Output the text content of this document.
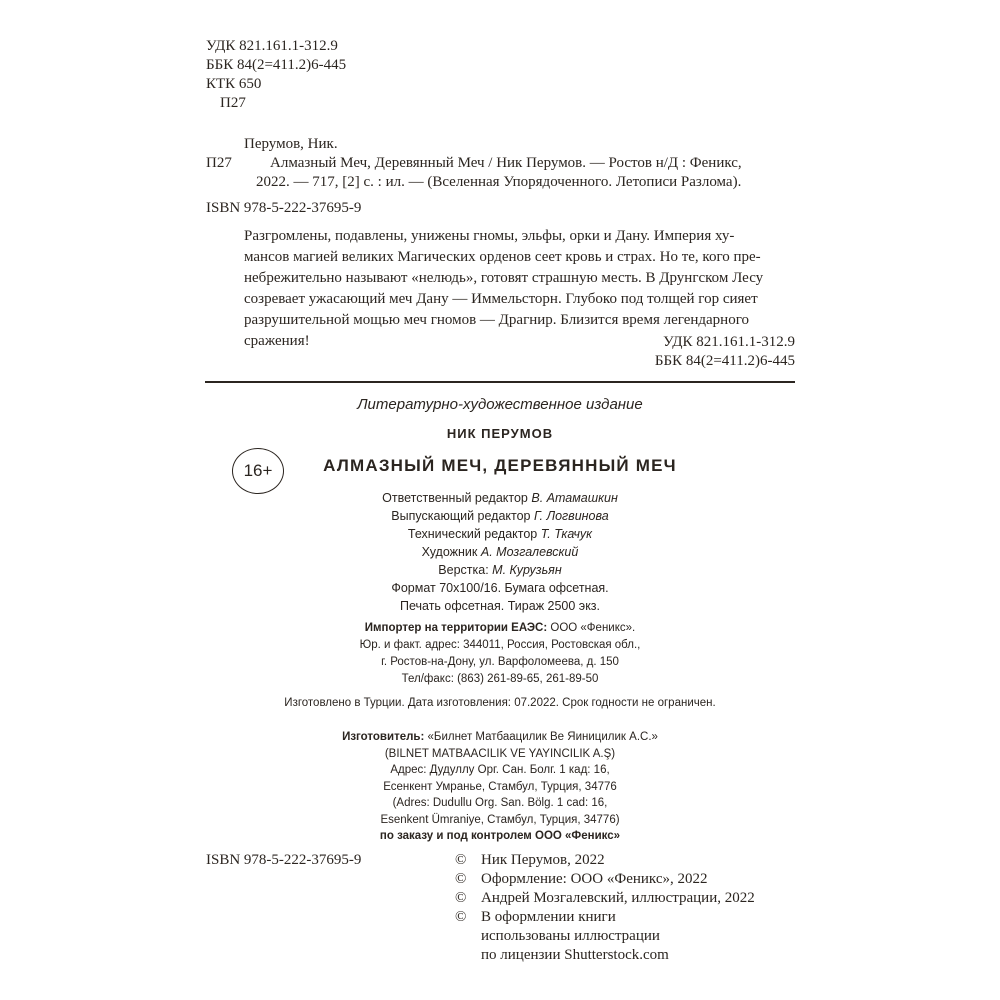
УДК 821.161.1-312.9
ББК 84(2=411.2)6-445
КТК 650
П27
Перумов, Ник.
П27	Алмазный Меч, Деревянный Меч / Ник Перумов. — Ростов н/Д : Феникс,
2022. — 717, [2] с. : ил. — (Вселенная Упорядоченного. Летописи Разлома).
ISBN 978-5-222-37695-9
Разгромлены, подавлены, унижены гномы, эльфы, орки и Дану. Империя ху-
мансов магией великих Магических орденов сеет кровь и страх. Но те, кого пре-
небрежительно называют «нелюдь», готовят страшную месть. В Друнгском Лесу
созревает ужасающий меч Дану — Иммельсторн. Глубоко под толщей гор сияет
разрушительной мощью меч гномов — Драгнир. Близится время легендарного
сражения!	УДК 821.161.1-312.9
ББК 84(2=411.2)6-445
Литературно-художественное издание
НИК ПЕРУМОВ
16+	АЛМАЗНЫЙ МЕЧ, ДЕРЕВЯННЫЙ МЕЧ
Ответственный редактор В. Атамашкин
Выпускающий редактор Г. Логвинова
Технический редактор Т. Ткачук
Художник А. Мозгалевский
Верстка: М. Курузьян
Формат 70x100/16. Бумага офсетная.
Печать офсетная. Тираж 2500 экз.
Импортер на территории ЕАЭС: ООО «Феникс».
Юр. и факт. адрес: 344011, Россия, Ростовская обл.,
г. Ростов-на-Дону, ул. Варфоломеева, д. 150
Тел/факс: (863) 261-89-65, 261-89-50
Изготовлено в Турции. Дата изготовления: 07.2022. Срок годности не ограничен.
Изготовитель: «Билнет Матбаацилик Ве Яиницилик А.С.»
(BILNET MATBAACILIK VE YAYINCILIK A.Ş)
Адрес: Дудуллу Орг. Сан. Болг. 1 кад: 16,
Есенкент Умранье, Стамбул, Турция, 34776
(Adres: Dudullu Org. San. Bölg. 1 cad: 16,
Esenkent Ümraniye, Стамбул, Турция, 34776)
по заказу и под контролем ООО «Феникс»
ISBN 978-5-222-37695-9	© Ник Перумов, 2022
© Оформление: ООО «Феникс», 2022
© Андрей Мозгалевский, иллюстрации, 2022
© В оформлении книги
использованы иллюстрации
по лицензии Shutterstock.com
